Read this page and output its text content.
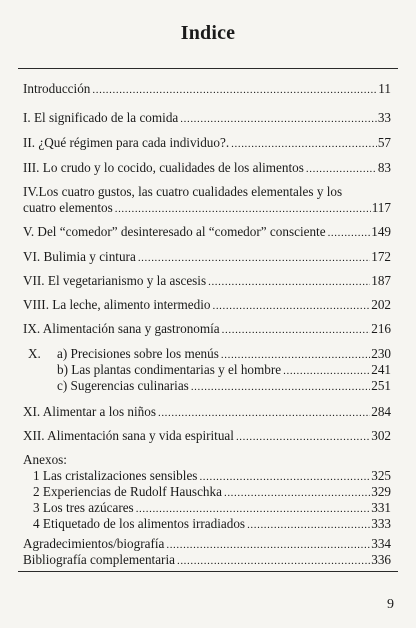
Indice
Introducción .....	11
I. El significado de la comida .....	33
II. ¿Qué régimen para cada individuo?. .....	57
III. Lo crudo y lo cocido, cualidades de los alimentos .....	83
IV.Los cuatro gustos, las cuatro cualidades elementales y los
cuatro elementos .....	117
V. Del “comedor” desinteresado al “comedor” consciente .....	149
VI. Bulimia y cintura .....	172
VII. El vegetarianismo y la ascesis .....	187
VIII. La leche, alimento intermedio .....	202
IX. Alimentación sana y gastronomía .....	216
X. a) Precisiones sobre los menús .....	230
b) Las plantas condimentarias y el hombre .....	241
c) Sugerencias culinarias .....	251
XI. Alimentar a los niños .....	284
XII. Alimentación sana y vida espiritual .....	302
Anexos:
1 Las cristalizaciones sensibles .....	325
2 Experiencias de Rudolf Hauschka .....	329
3 Los tres azúcares .....	331
4 Etiquetado de los alimentos irradiados .....	333
Agradecimientos/biografía .....	334
Bibliografía complementaria .....	336
9
